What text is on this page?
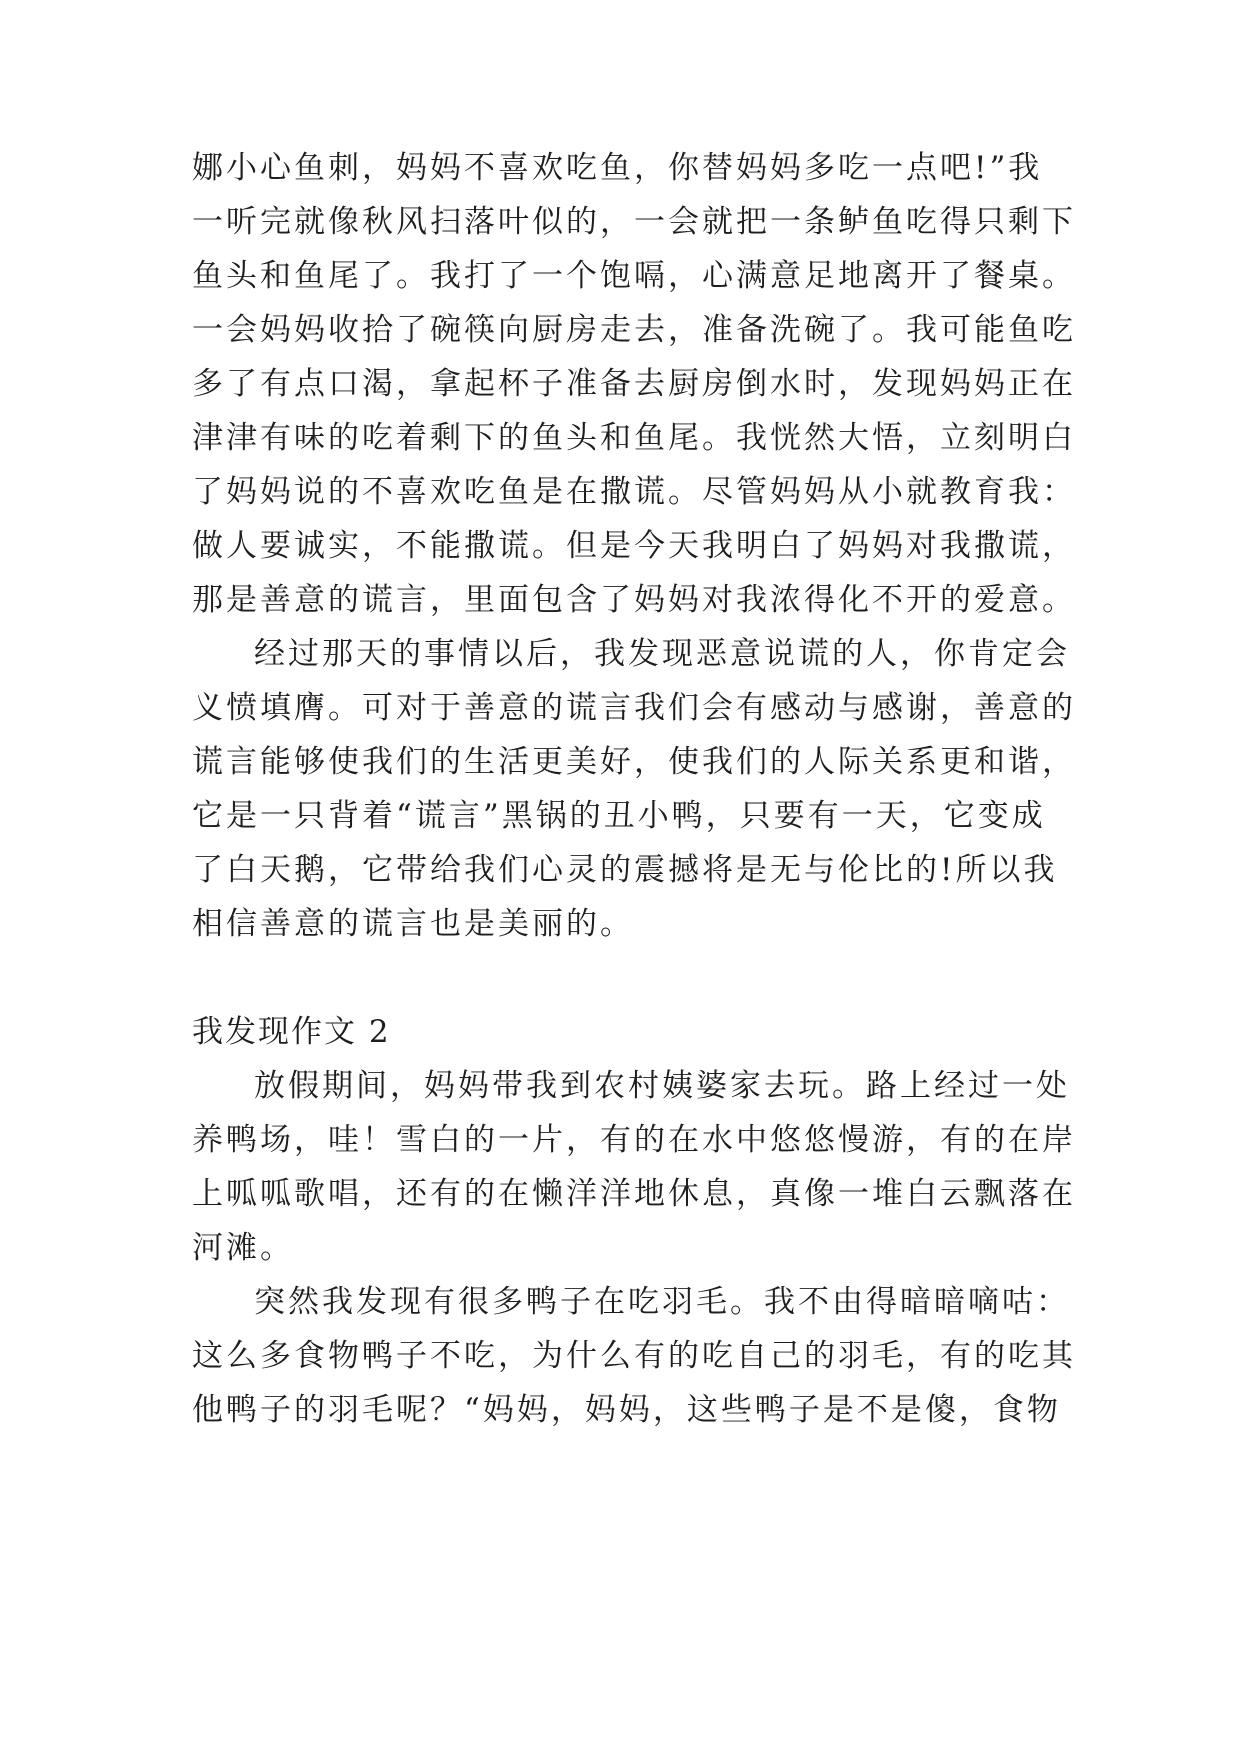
娜小心鱼刺，妈妈不喜欢吃鱼，你替妈妈多吃一点吧!”我
一听完就像秋风扫落叶似的，一会就把一条鲈鱼吃得只剩下
鱼头和鱼尾了。我打了一个饱嗝，心满意足地离开了餐桌。
一会妈妈收拾了碗筷向厨房走去，准备洗碗了。我可能鱼吃
多了有点口渴，拿起杯子准备去厨房倒水时，发现妈妈正在
津津有味的吃着剩下的鱼头和鱼尾。我恍然大悟，立刻明白
了妈妈说的不喜欢吃鱼是在撒谎。尽管妈妈从小就教育我：
做人要诚实，不能撒谎。但是今天我明白了妈妈对我撒谎，
那是善意的谎言，里面包含了妈妈对我浓得化不开的爱意。
经过那天的事情以后，我发现恶意说谎的人，你肯定会
义愤填膺。可对于善意的谎言我们会有感动与感谢，善意的
谎言能够使我们的生活更美好，使我们的人际关系更和谐，
它是一只背着“谎言”黑锅的丑小鸭，只要有一天，它变成
了白天鹅，它带给我们心灵的震撼将是无与伦比的!所以我
相信善意的谎言也是美丽的。
我发现作文 2
放假期间，妈妈带我到农村姨婆家去玩。路上经过一处
养鸭场，哇！雪白的一片，有的在水中悠悠慢游，有的在岸
上呱呱歌唱，还有的在懒洋洋地休息，真像一堆白云飘落在
河滩。
突然我发现有很多鸭子在吃羽毛。我不由得暗暗嘀咕：
这么多食物鸭子不吃，为什么有的吃自己的羽毛，有的吃其
他鸭子的羽毛呢？“妈妈，妈妈，这些鸭子是不是傻，食物
